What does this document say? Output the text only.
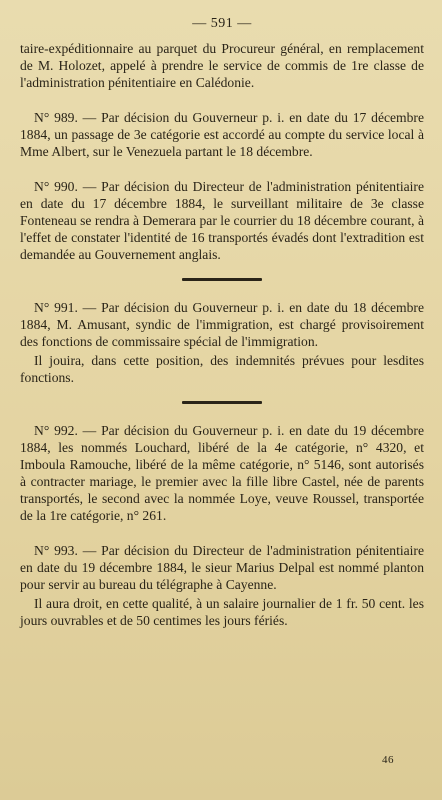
— 591 —

taire-expéditionnaire au parquet du Procureur général, en remplacement de M. Holozet, appelé à prendre le service de commis de 1re classe de l'administration pénitentiaire en Calédonie.

N° 989. — Par décision du Gouverneur p. i. en date du 17 décembre 1884, un passage de 3e catégorie est accordé au compte du service local à Mme Albert, sur le Venezuela partant le 18 décembre.

N° 990. — Par décision du Directeur de l'administration pénitentiaire en date du 17 décembre 1884, le surveillant militaire de 3e classe Fonteneau se rendra à Demerara par le courrier du 18 décembre courant, à l'effet de constater l'identité de 16 transportés évadés dont l'extradition est demandée au Gouvernement anglais.

N° 991. — Par décision du Gouverneur p. i. en date du 18 décembre 1884, M. Amusant, syndic de l'immigration, est chargé provisoirement des fonctions de commissaire spécial de l'immigration.

Il jouira, dans cette position, des indemnités prévues pour lesdites fonctions.

N° 992. — Par décision du Gouverneur p. i. en date du 19 décembre 1884, les nommés Louchard, libéré de la 4e catégorie, n° 4320, et Imboula Ramouche, libéré de la même catégorie, n° 5146, sont autorisés à contracter mariage, le premier avec la fille libre Castel, née de parents transportés, le second avec la nommée Loye, veuve Roussel, transportée de la 1re catégorie, n° 261.

N° 993. — Par décision du Directeur de l'administration pénitentiaire en date du 19 décembre 1884, le sieur Marius Delpal est nommé planton pour servir au bureau du télégraphe à Cayenne.

Il aura droit, en cette qualité, à un salaire journalier de 1 fr. 50 cent. les jours ouvrables et de 50 centimes les jours fériés.

46
